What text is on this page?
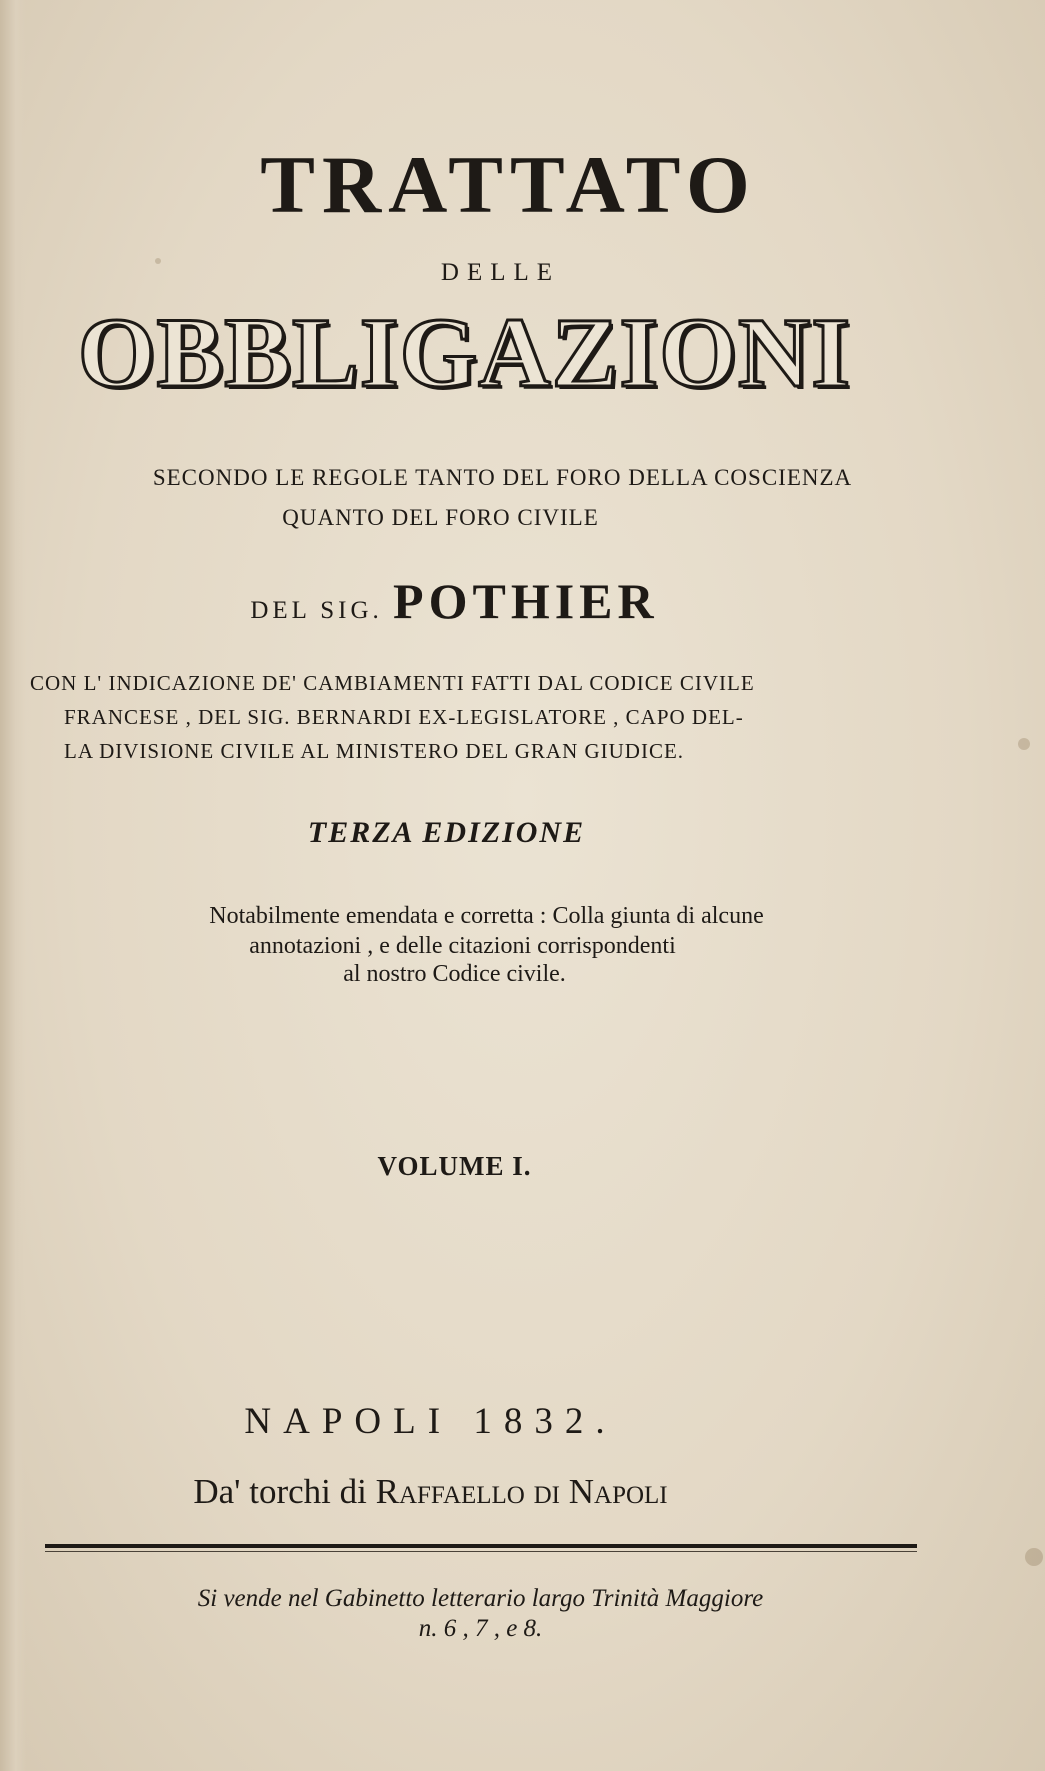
TRATTATO
DELLE
OBBLIGAZIONI
SECONDO LE REGOLE TANTO DEL FORO DELLA COSCIENZA
QUANTO DEL FORO CIVILE
DEL SIG. POTHIER
CON L' INDICAZIONE DE' CAMBIAMENTI FATTI DAL CODICE CIVILE
FRANCESE , DEL SIG. BERNARDI EX-LEGISLATORE , CAPO DEL-
LA DIVISIONE CIVILE AL MINISTERO DEL GRAN GIUDICE.
TERZA EDIZIONE
Notabilmente emendata e corretta : Colla giunta di alcune
annotazioni , e delle citazioni corrispondenti
al nostro Codice civile.
VOLUME I.
NAPOLI 1832.
Da' torchi di Raffaello di Napoli
Si vende nel Gabinetto letterario largo Trinità Maggiore
n. 6 , 7 , e 8.
